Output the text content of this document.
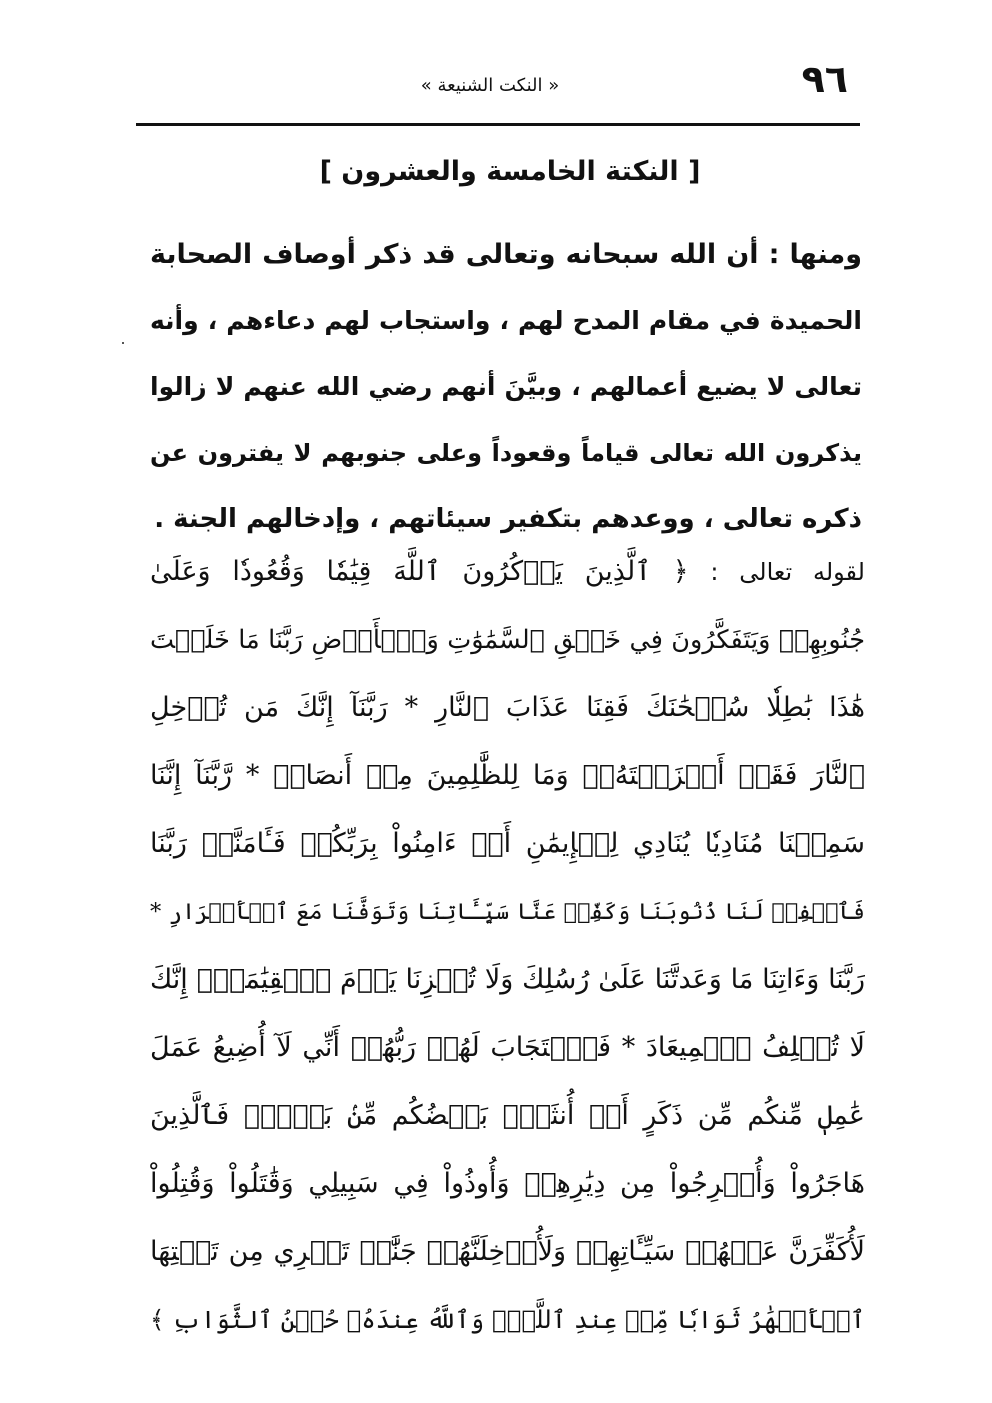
٩٦
« النكت الشنيعة »
[ النكتة الخامسة والعشرون ]
ومنها : أن الله سبحانه وتعالى قد ذكر أوصاف الصحابة
الحميدة في مقام المدح لهم ، واستجاب لهم دعاءهم ، وأنه
تعالى لا يضيع أعمالهم ، وبيَّنَ أنهم رضي الله عنهم لا زالوا
يذكرون الله تعالى قياماً وقعوداً وعلى جنوبهم لا يفترون عن
ذكره تعالى ، ووعدهم بتكفير سيئاتهم ، وإدخالهم الجنة .
لقوله تعالى : ﴿ ٱلَّذِينَ يَذۡكُرُونَ ٱللَّهَ قِيَٰمٗا وَقُعُودٗا وَعَلَىٰ
جُنُوبِهِمۡ وَيَتَفَكَّرُونَ فِي خَلۡقِ ٱلسَّمَٰوَٰتِ وَٱلۡأَرۡضِ رَبَّنَا مَا خَلَقۡتَ
هَٰذَا بَٰطِلٗا سُبۡحَٰنَكَ فَقِنَا عَذَابَ ٱلنَّارِ * رَبَّنَآ إِنَّكَ مَن تُدۡخِلِ
ٱلنَّارَ فَقَدۡ أَخۡزَيۡتَهُۥۖ وَمَا لِلظَّٰلِمِينَ مِنۡ أَنصَارٖ * رَّبَّنَآ إِنَّنَا
سَمِعۡنَا مُنَادِيٗا يُنَادِي لِلۡإِيمَٰنِ أَنۡ ءَامِنُواْ بِرَبِّكُمۡ فَـَٔامَنَّاۚ رَبَّنَا
فَٱغۡفِرۡ لَنَا ذُنُوبَنَا وَكَفِّرۡ عَنَّا سَيِّـَٔاتِنَا وَتَوَفَّنَا مَعَ ٱلۡأَبۡرَارِ *
رَبَّنَا وَءَاتِنَا مَا وَعَدتَّنَا عَلَىٰ رُسُلِكَ وَلَا تُخۡزِنَا يَوۡمَ ٱلۡقِيَٰمَةِۗ إِنَّكَ
لَا تُخۡلِفُ ٱلۡمِيعَادَ * فَٱسۡتَجَابَ لَهُمۡ رَبُّهُمۡ أَنِّي لَآ أُضِيعُ عَمَلَ
عَٰمِلٖ مِّنكُم مِّن ذَكَرٍ أَوۡ أُنثَىٰۖ بَعۡضُكُم مِّنۢ بَعۡضٖۖ فَٱلَّذِينَ
هَاجَرُواْ وَأُخۡرِجُواْ مِن دِيَٰرِهِمۡ وَأُوذُواْ فِي سَبِيلِي وَقَٰتَلُواْ وَقُتِلُواْ
لَأُكَفِّرَنَّ عَنۡهُمۡ سَيِّـَٔاتِهِمۡ وَلَأُدۡخِلَنَّهُمۡ جَنَّٰتٖ تَجۡرِي مِن تَحۡتِهَا
ٱلۡأَنۡهَٰرُ ثَوَابٗا مِّنۡ عِندِ ٱللَّهِۚ وَٱللَّهُ عِندَهُۥ حُسۡنُ ٱلثَّوَابِ ﴾
